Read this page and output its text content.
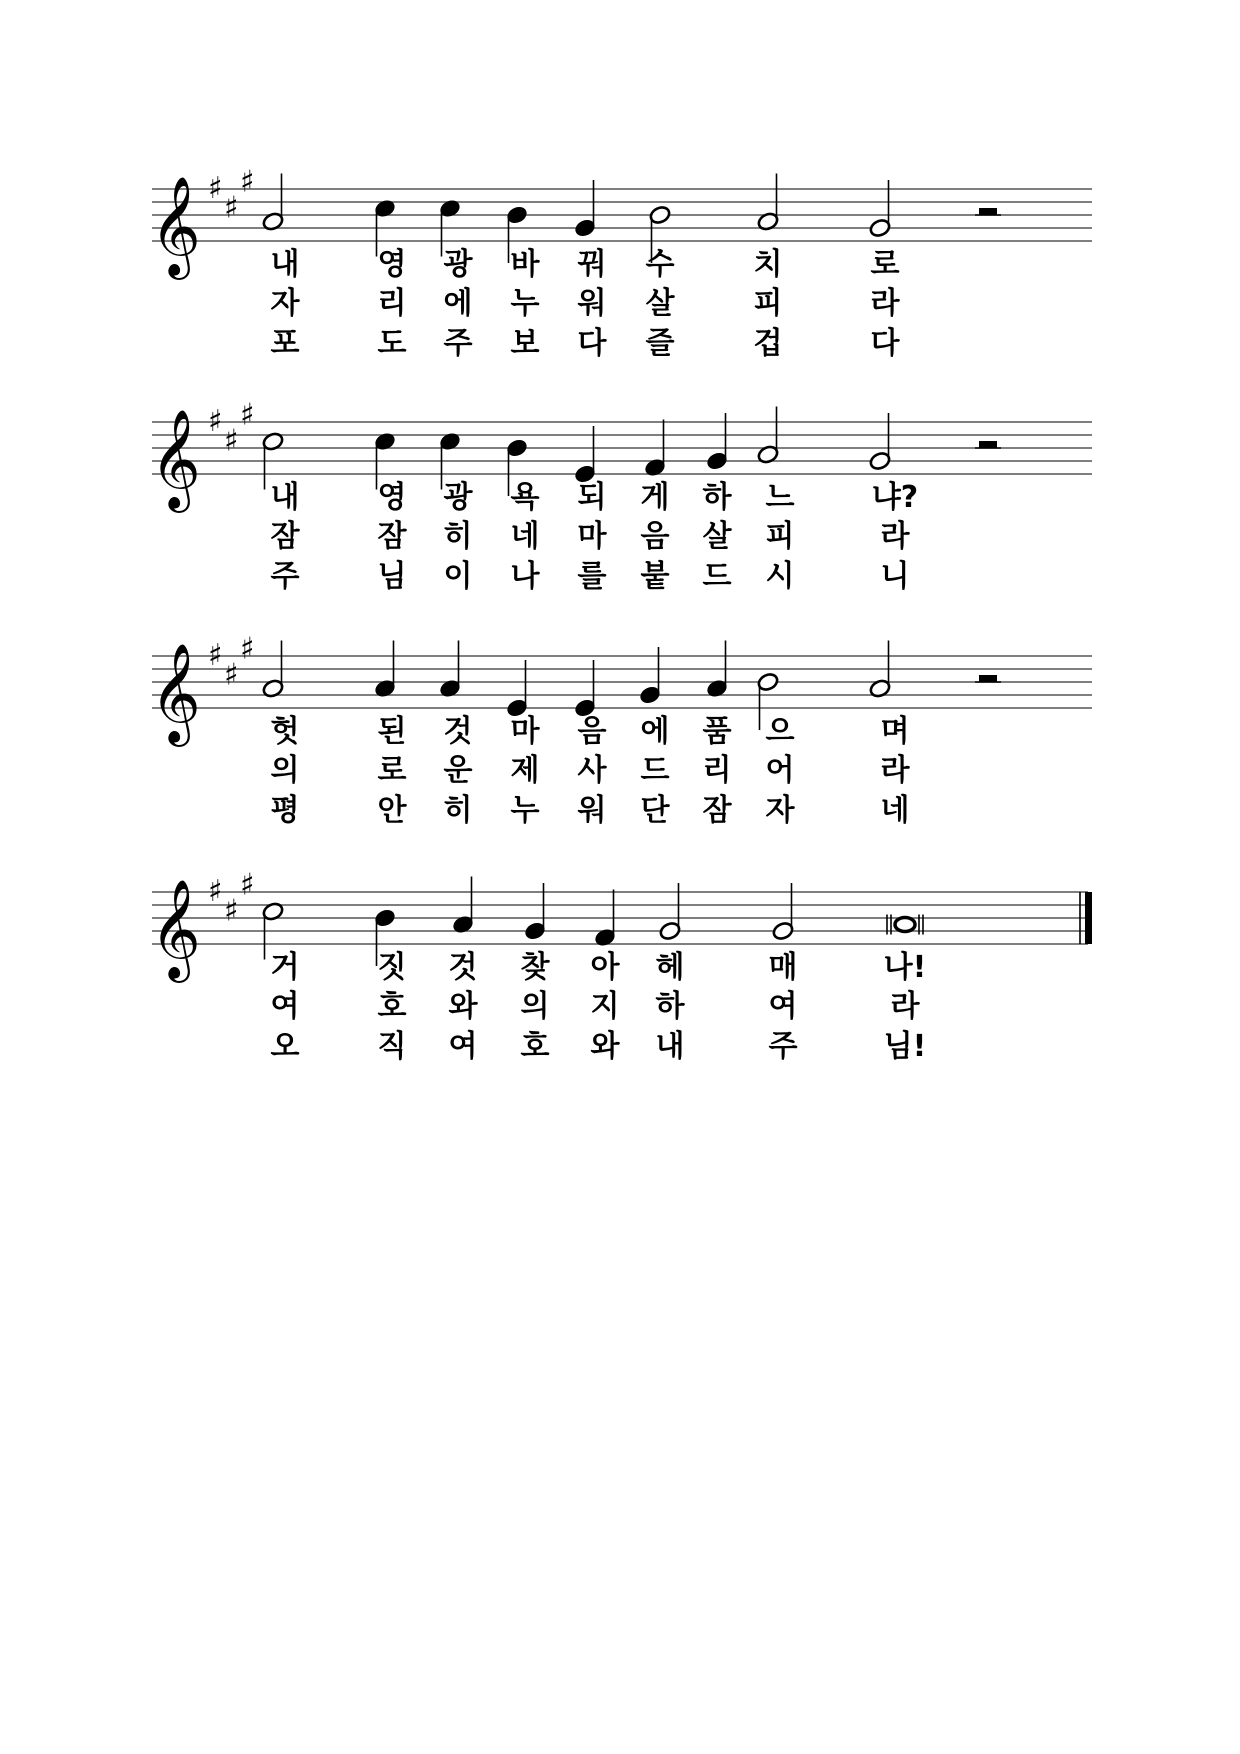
𝄞 ♯
♯
♯
내	영 광 바 꿔 수	치	로
자	리 에 누 워 살	피	라
포	도 주 보 다 즐	겁	다
𝄞 ♯
♯
♯
내	영 광 욕 되 게 하 느	냐?
잠	잠 히 네 마 음 살 피	라
주	님 이 나 를 붙 드 시	니
𝄞 ♯
♯
♯
헛	된 것 마 음 에 품 으	며
의	로 운 제 사 드 리 어	라
평	안 히 누 워 단 잠 자	네
𝄞 ♯
♯
♯
거	짓 것 찾 아 헤	매	나!
여	호 와 의 지 하	여	라
오	직 여 호 와 내	주	님!
